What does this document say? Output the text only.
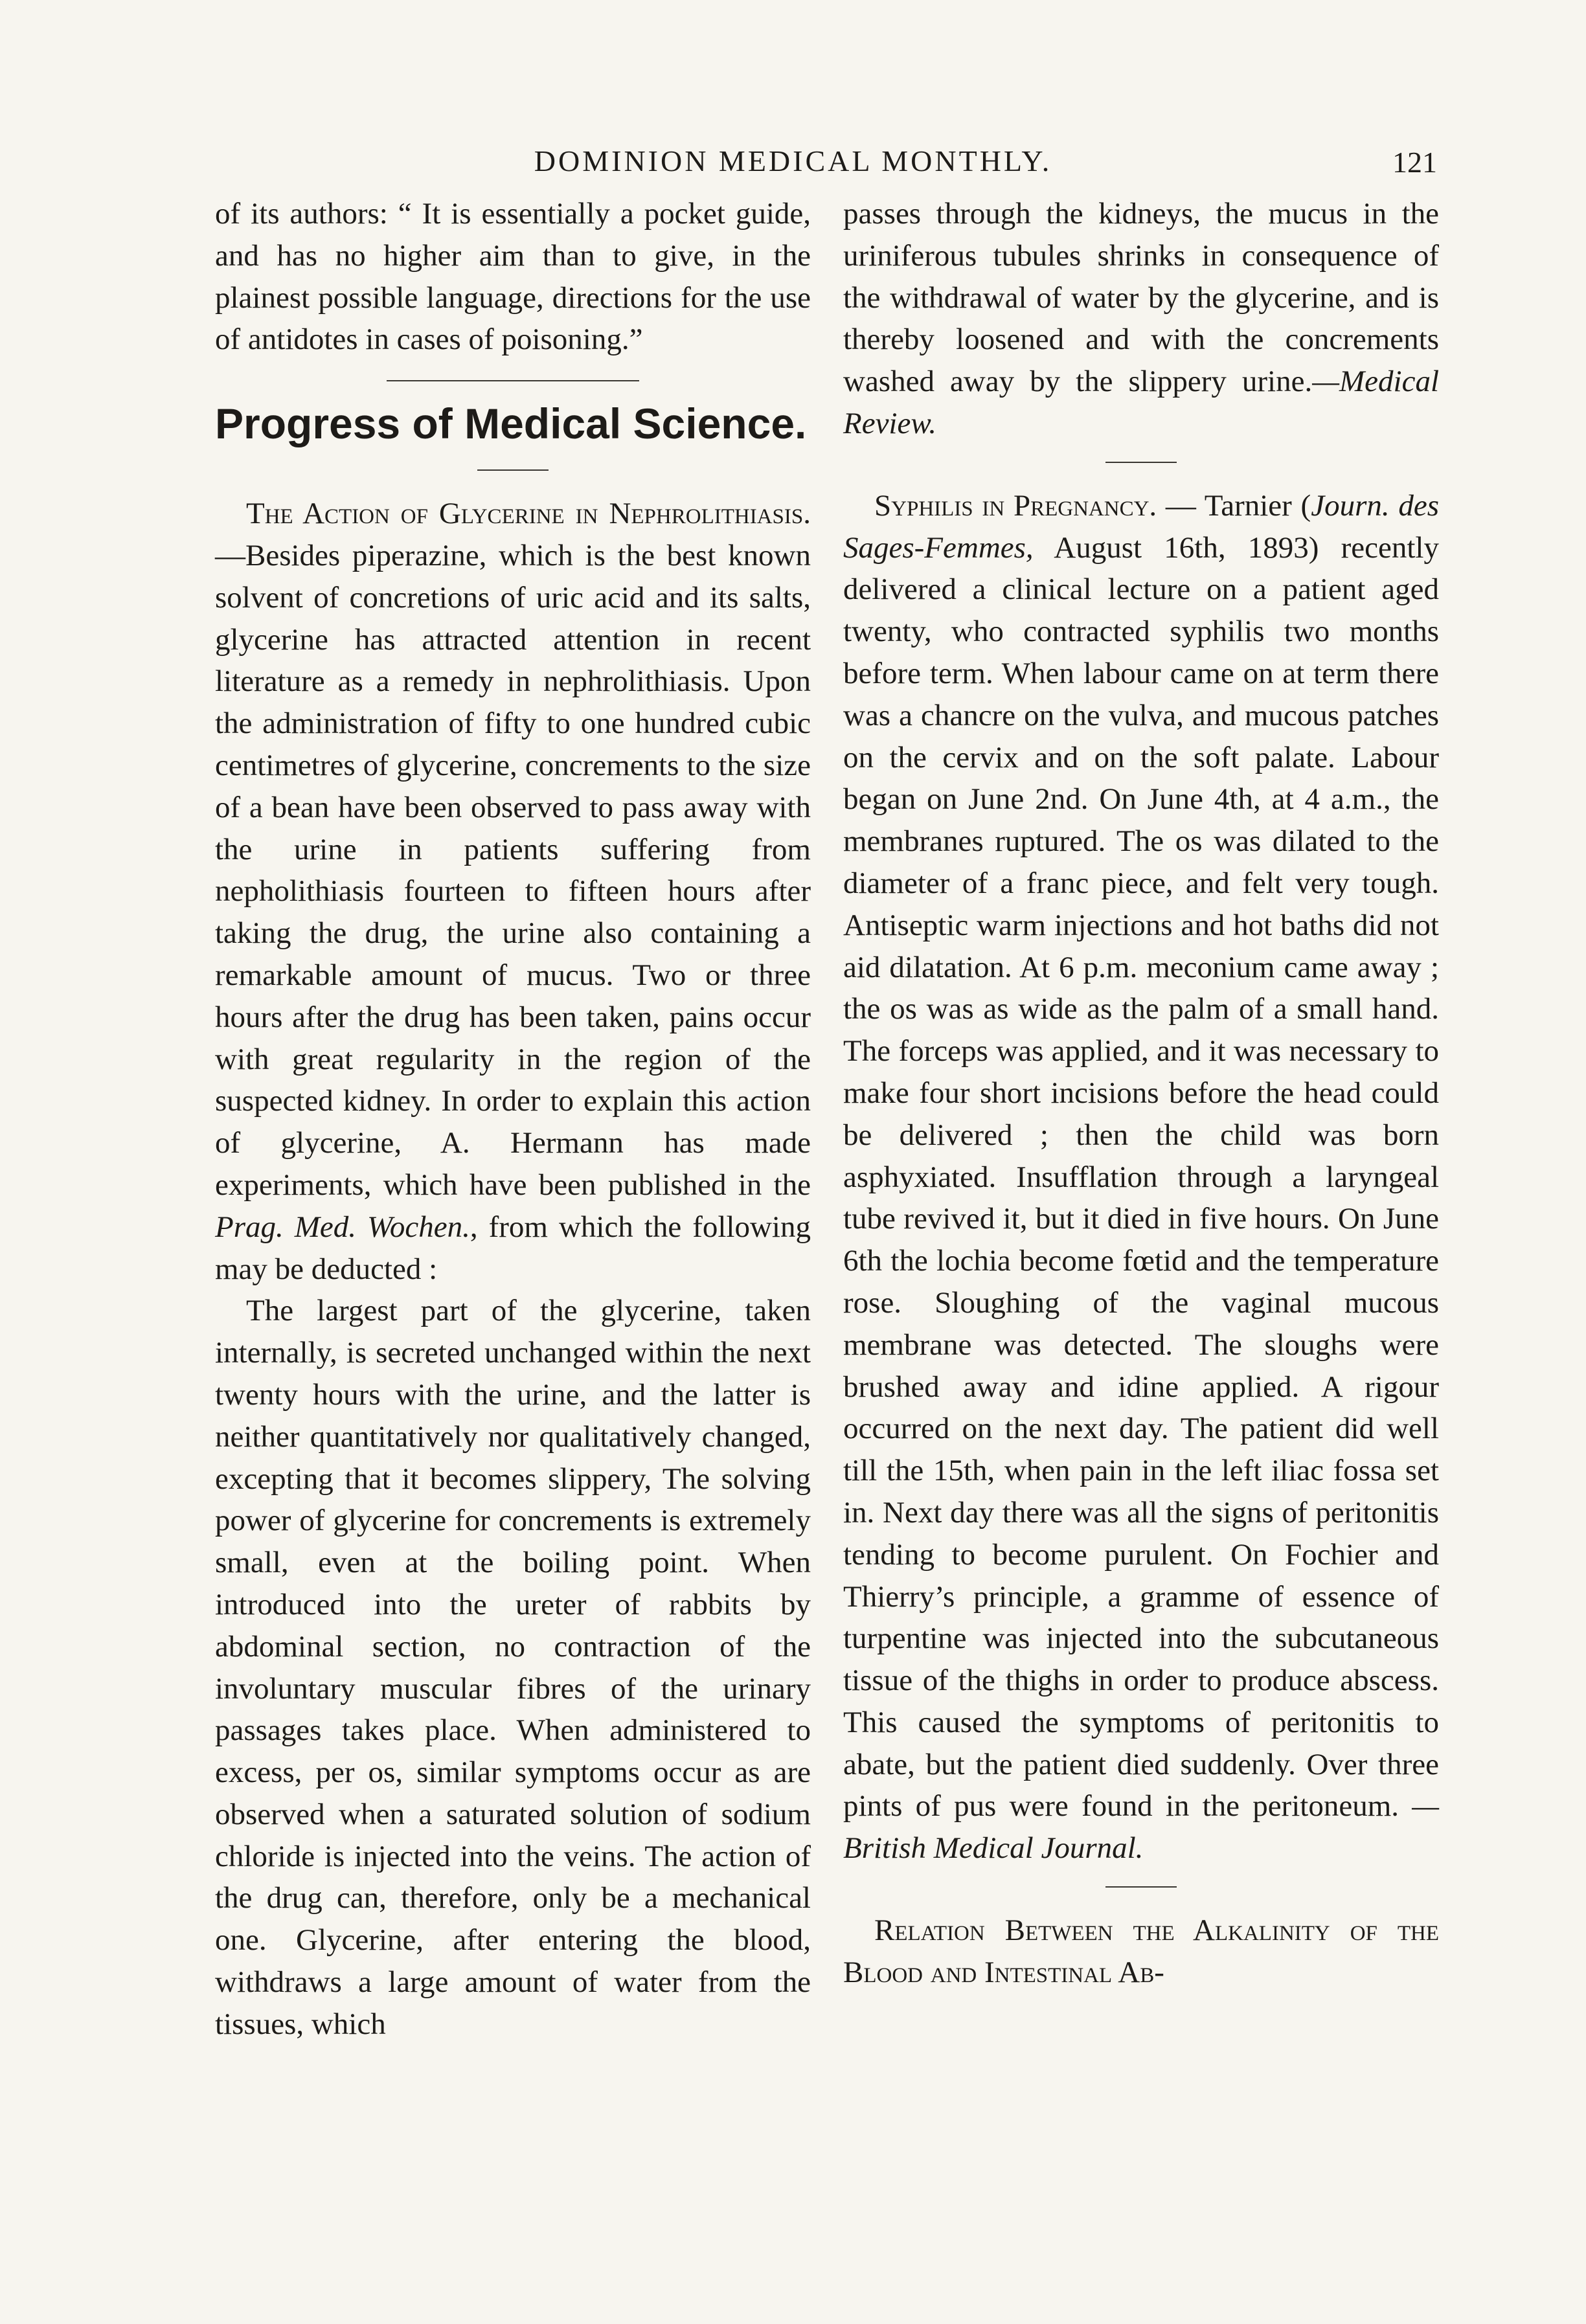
DOMINION MEDICAL MONTHLY.	121

of its authors: “ It is essentially a pocket guide, and has no higher aim than to give, in the plainest possible language, directions for the use of antidotes in cases of poisoning.”

Progress of Medical Science.

The Action of Glycerine in Nephrolithiasis.—Besides piperazine, which is the best known solvent of concretions of uric acid and its salts, glycerine has attracted attention in recent literature as a remedy in nephrolithiasis. Upon the administration of fifty to one hundred cubic centimetres of glycerine, concrements to the size of a bean have been observed to pass away with the urine in patients suffering from nepholithiasis fourteen to fifteen hours after taking the drug, the urine also containing a remarkable amount of mucus. Two or three hours after the drug has been taken, pains occur with great regularity in the region of the suspected kidney. In order to explain this action of glycerine, A. Hermann has made experiments, which have been published in the Prag. Med. Wochen., from which the following may be deducted :

The largest part of the glycerine, taken internally, is secreted unchanged within the next twenty hours with the urine, and the latter is neither quantitatively nor qualitatively changed, excepting that it becomes slippery, The solving power of glycerine for concrements is extremely small, even at the boiling point. When introduced into the ureter of rabbits by abdominal section, no contraction of the involuntary muscular fibres of the urinary passages takes place. When administered to excess, per os, similar symptoms occur as are observed when a saturated solution of sodium chloride is injected into the veins. The action of the drug can, therefore, only be a mechanical one. Glycerine, after entering the blood, withdraws a large amount of water from the tissues, which

passes through the kidneys, the mucus in the uriniferous tubules shrinks in consequence of the withdrawal of water by the glycerine, and is thereby loosened and with the concrements washed away by the slippery urine.—Medical Review.

Syphilis in Pregnancy. — Tarnier (Journ. des Sages-Femmes, August 16th, 1893) recently delivered a clinical lecture on a patient aged twenty, who contracted syphilis two months before term. When labour came on at term there was a chancre on the vulva, and mucous patches on the cervix and on the soft palate. Labour began on June 2nd. On June 4th, at 4 a.m., the membranes ruptured. The os was dilated to the diameter of a franc piece, and felt very tough. Antiseptic warm injections and hot baths did not aid dilatation. At 6 p.m. meconium came away ; the os was as wide as the palm of a small hand. The forceps was applied, and it was necessary to make four short incisions before the head could be delivered ; then the child was born asphyxiated. Insufflation through a laryngeal tube revived it, but it died in five hours. On June 6th the lochia become fœtid and the temperature rose. Sloughing of the vaginal mucous membrane was detected. The sloughs were brushed away and idine applied. A rigour occurred on the next day. The patient did well till the 15th, when pain in the left iliac fossa set in. Next day there was all the signs of peritonitis tending to become purulent. On Fochier and Thierry’s principle, a gramme of essence of turpentine was injected into the subcutaneous tissue of the thighs in order to produce abscess. This caused the symptoms of peritonitis to abate, but the patient died suddenly. Over three pints of pus were found in the peritoneum. —British Medical Journal.

Relation Between the Alkalinity of the Blood and Intestinal Ab-
